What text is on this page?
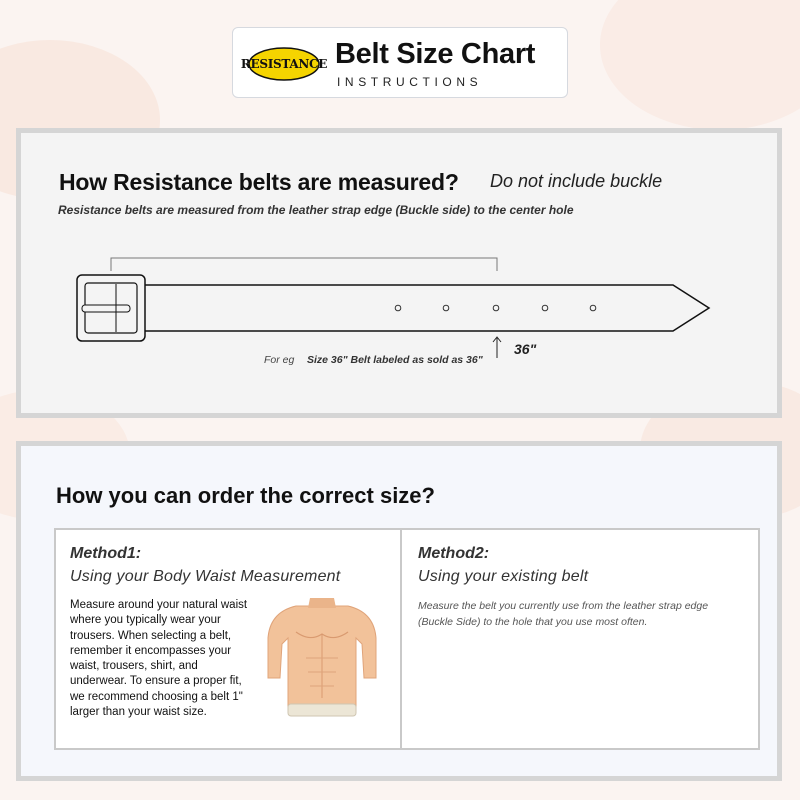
RESISTANCE Belt Size Chart
INSTRUCTIONS
How Resistance belts are measured? Do not include buckle
Resistance belts are measured from the leather strap edge (Buckle side) to the center hole
For eg Size 36" Belt labeled as sold as 36"
36"
How you can order the correct size?
Method1:
Using your Body Waist Measurement
Measure around your natural waist where you typically wear your trousers. When selecting a belt, remember it encompasses your waist, trousers, shirt, and underwear. To ensure a proper fit, we recommend choosing a belt 1" larger than your waist size.
Method2:
Using your existing belt
Measure the belt you currently use from the leather strap edge (Buckle Side) to the hole that you use most often.
